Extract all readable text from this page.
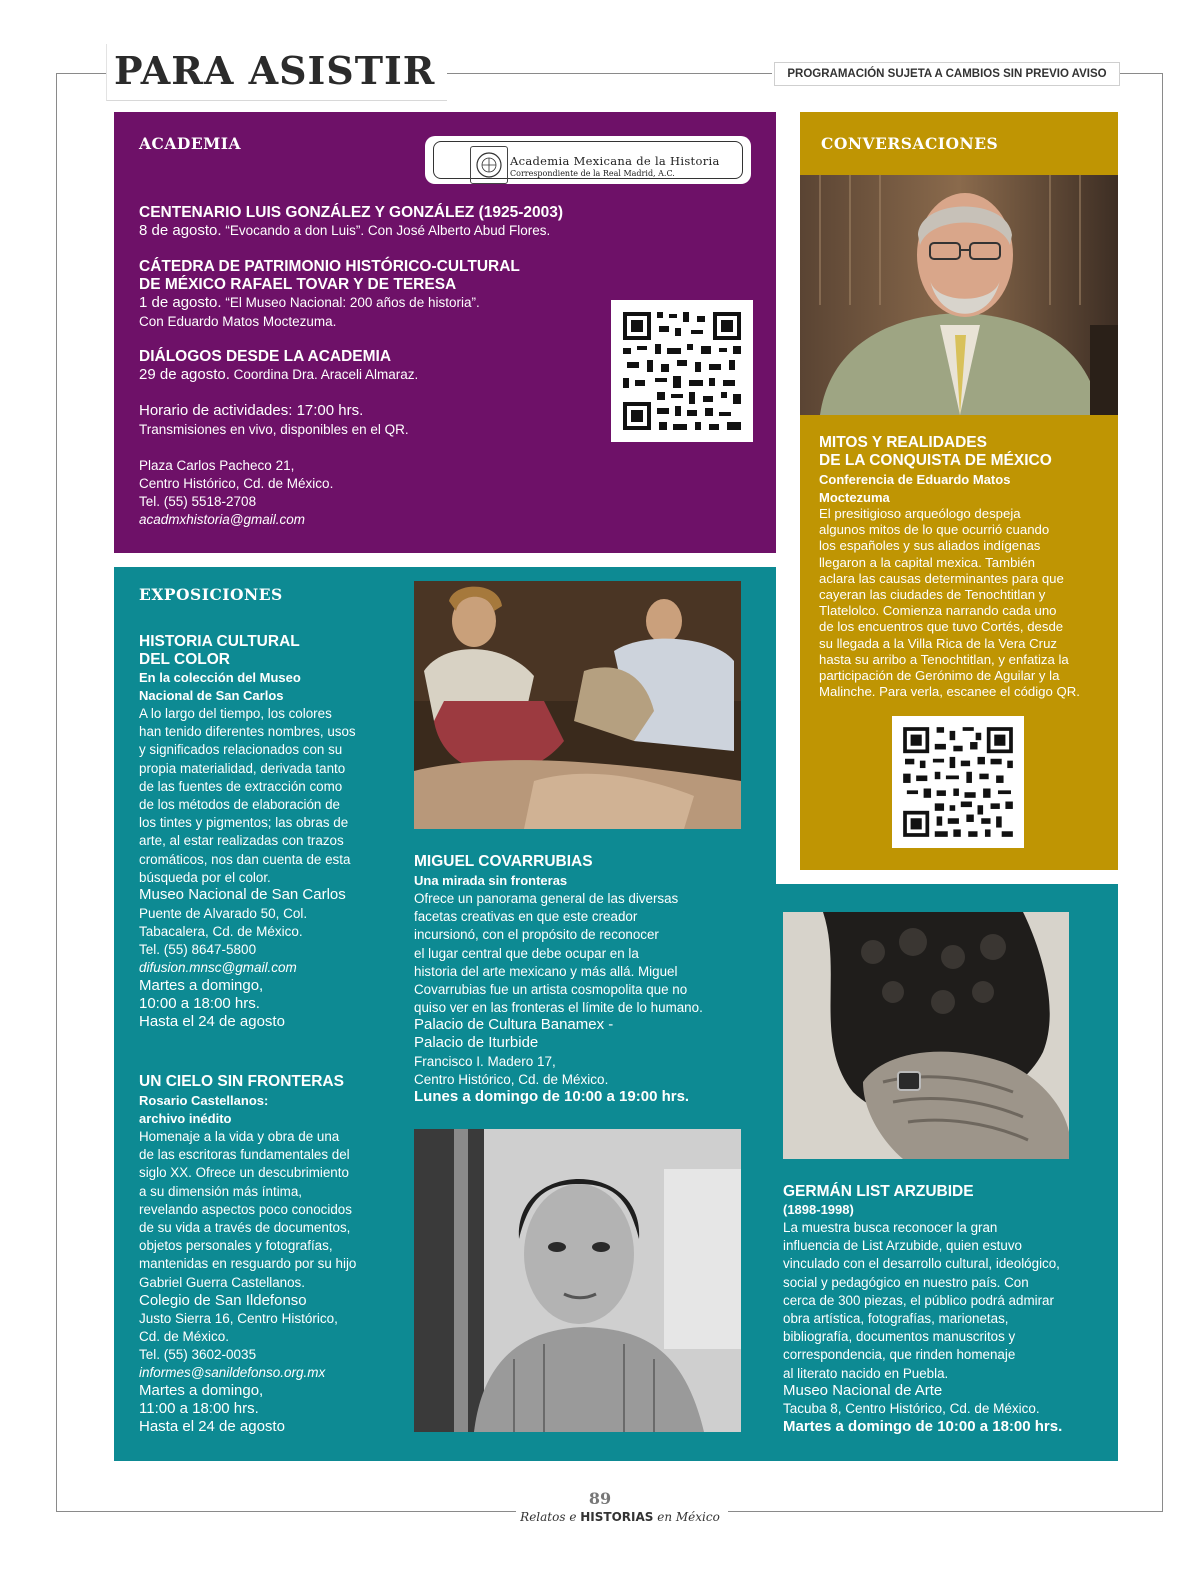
PARA ASISTIR	PROGRAMACIÓN SUJETA A CAMBIOS SIN PREVIO AVISO
ACADEMIA
Academia Mexicana de la Historia
Correspondiente de la Real Madrid, A.C.
CENTENARIO LUIS GONZÁLEZ Y GONZÁLEZ (1925-2003)
8 de agosto. “Evocando a don Luis”. Con José Alberto Abud Flores.
CÁTEDRA DE PATRIMONIO HISTÓRICO-CULTURAL
DE MÉXICO RAFAEL TOVAR Y DE TERESA
1 de agosto. “El Museo Nacional: 200 años de historia”.
Con Eduardo Matos Moctezuma.
DIÁLOGOS DESDE LA ACADEMIA
29 de agosto. Coordina Dra. Araceli Almaraz.
Horario de actividades: 17:00 hrs.
Transmisiones en vivo, disponibles en el QR.
Plaza Carlos Pacheco 21,
Centro Histórico, Cd. de México.
Tel. (55) 5518-2708
acadmxhistoria@gmail.com
CONVERSACIONES
MITOS Y REALIDADES
DE LA CONQUISTA DE MÉXICO
Conferencia de Eduardo Matos
Moctezuma
El presitigioso arqueólogo despeja
algunos mitos de lo que ocurrió cuando
los españoles y sus aliados indígenas
llegaron a la capital mexica. También
aclara las causas determinantes para que
cayeran las ciudades de Tenochtitlan y
Tlatelolco. Comienza narrando cada uno
de los encuentros que tuvo Cortés, desde
su llegada a la Villa Rica de la Vera Cruz
hasta su arribo a Tenochtitlan, y enfatiza la
participación de Gerónimo de Aguilar y la
Malinche. Para verla, escanee el código QR.
EXPOSICIONES
HISTORIA CULTURAL
DEL COLOR
En la colección del Museo
Nacional de San Carlos
A lo largo del tiempo, los colores
han tenido diferentes nombres, usos
y significados relacionados con su
propia materialidad, derivada tanto
de las fuentes de extracción como
de los métodos de elaboración de
los tintes y pigmentos; las obras de
arte, al estar realizadas con trazos
cromáticos, nos dan cuenta de esta
búsqueda por el color.
Museo Nacional de San Carlos
Puente de Alvarado 50, Col.
Tabacalera, Cd. de México.
Tel. (55) 8647-5800
difusion.mnsc@gmail.com
Martes a domingo,
10:00 a 18:00 hrs.
Hasta el 24 de agosto
UN CIELO SIN FRONTERAS
Rosario Castellanos:
archivo inédito
Homenaje a la vida y obra de una
de las escritoras fundamentales del
siglo XX. Ofrece un descubrimiento
a su dimensión más íntima,
revelando aspectos poco conocidos
de su vida a través de documentos,
objetos personales y fotografías,
mantenidas en resguardo por su hijo
Gabriel Guerra Castellanos.
Colegio de San Ildefonso
Justo Sierra 16, Centro Histórico,
Cd. de México.
Tel. (55) 3602-0035
informes@sanildefonso.org.mx
Martes a domingo,
11:00 a 18:00 hrs.
Hasta el 24 de agosto
MIGUEL COVARRUBIAS
Una mirada sin fronteras
Ofrece un panorama general de las diversas
facetas creativas en que este creador
incursionó, con el propósito de reconocer
el lugar central que debe ocupar en la
historia del arte mexicano y más allá. Miguel
Covarrubias fue un artista cosmopolita que no
quiso ver en las fronteras el límite de lo humano.
Palacio de Cultura Banamex -
Palacio de Iturbide
Francisco I. Madero 17,
Centro Histórico, Cd. de México.
Lunes a domingo de 10:00 a 19:00 hrs.
GERMÁN LIST ARZUBIDE
(1898-1998)
La muestra busca reconocer la gran
influencia de List Arzubide, quien estuvo
vinculado con el desarrollo cultural, ideológico,
social y pedagógico en nuestro país. Con
cerca de 300 piezas, el público podrá admirar
obra artística, fotografías, marionetas,
bibliografía, documentos manuscritos y
correspondencia, que rinden homenaje
al literato nacido en Puebla.
Museo Nacional de Arte
Tacuba 8, Centro Histórico, Cd. de México.
Martes a domingo de 10:00 a 18:00 hrs.
89
Relatos e HISTORIAS en México
